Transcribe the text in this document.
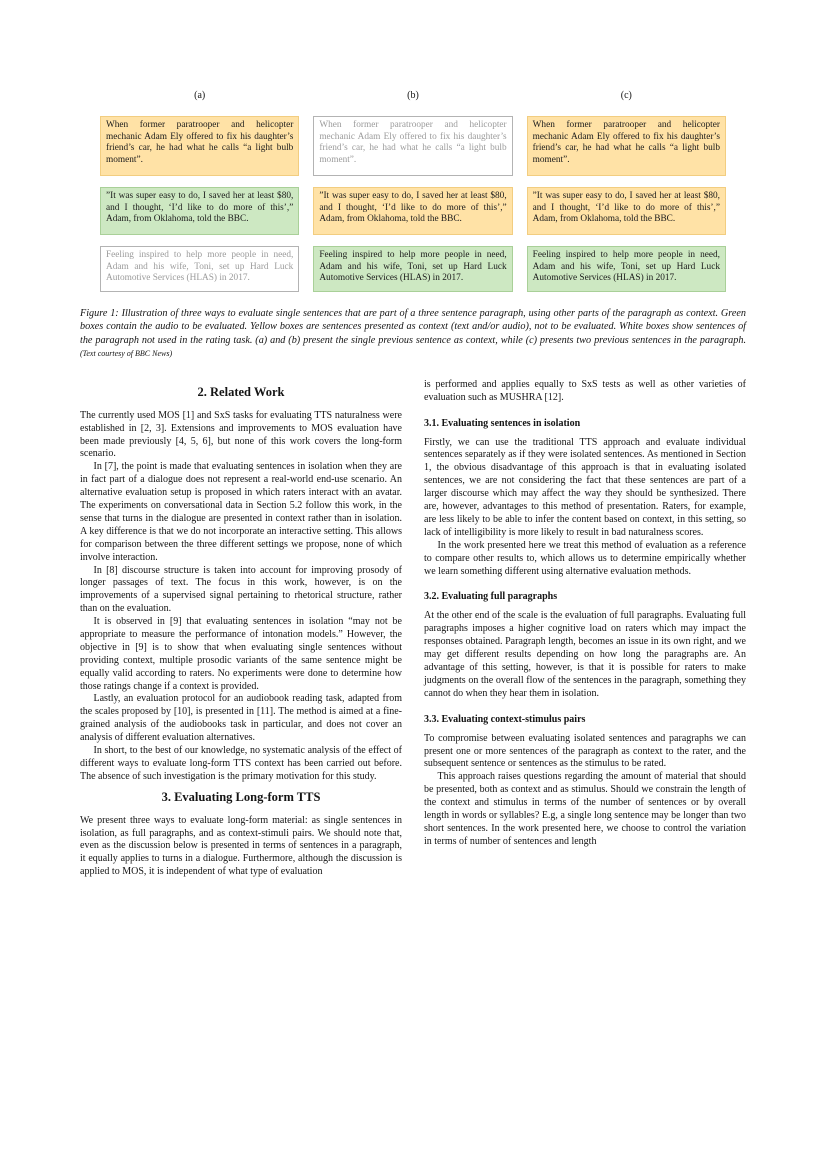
(a)
When former paratrooper and helicopter mechanic Adam Ely offered to fix his daughter’s friend’s car, he had what he calls “a light bulb moment”.
”It was super easy to do, I saved her at least $80, and I thought, ‘I’d like to do more of this’,” Adam, from Oklahoma, told the BBC.
Feeling inspired to help more people in need, Adam and his wife, Toni, set up Hard Luck Automotive Services (HLAS) in 2017.
(b)
When former paratrooper and helicopter mechanic Adam Ely offered to fix his daughter’s friend’s car, he had what he calls “a light bulb moment”.
”It was super easy to do, I saved her at least $80, and I thought, ‘I’d like to do more of this’,” Adam, from Oklahoma, told the BBC.
Feeling inspired to help more people in need, Adam and his wife, Toni, set up Hard Luck Automotive Services (HLAS) in 2017.
(c)
When former paratrooper and helicopter mechanic Adam Ely offered to fix his daughter’s friend’s car, he had what he calls “a light bulb moment”.
”It was super easy to do, I saved her at least $80, and I thought, ‘I’d like to do more of this’,” Adam, from Oklahoma, told the BBC.
Feeling inspired to help more people in need, Adam and his wife, Toni, set up Hard Luck Automotive Services (HLAS) in 2017.
Figure 1: Illustration of three ways to evaluate single sentences that are part of a three sentence paragraph, using other parts of the paragraph as context. Green boxes contain the audio to be evaluated. Yellow boxes are sentences presented as context (text and/or audio), not to be evaluated. White boxes show sentences of the paragraph not used in the rating task. (a) and (b) present the single previous sentence as context, while (c) presents two previous sentences in the paragraph. (Text courtesy of BBC News)
2. Related Work

The currently used MOS [1] and SxS tasks for evaluating TTS naturalness were established in [2, 3]. Extensions and improvements to MOS evaluation have been made previously [4, 5, 6], but none of this work covers the long-form scenario.

In [7], the point is made that evaluating sentences in isolation when they are in fact part of a dialogue does not represent a real-world end-use scenario. An alternative evaluation setup is proposed in which raters interact with an avatar. The experiments on conversational data in Section 5.2 follow this work, in the sense that turns in the dialogue are presented in context rather than in isolation. A key difference is that we do not incorporate an interactive setting. This allows for comparison between the three different settings we propose, none of which involve interaction.

In [8] discourse structure is taken into account for improving prosody of longer passages of text. The focus in this work, however, is on the improvements of a supervised signal pertaining to rhetorical structure, rather than on the evaluation.

It is observed in [9] that evaluating sentences in isolation “may not be appropriate to measure the performance of intonation models.” However, the objective in [9] is to show that when evaluating single sentences without providing context, multiple prosodic variants of the same sentence might be equally valid according to raters. No experiments were done to determine how those ratings change if a context is provided.

Lastly, an evaluation protocol for an audiobook reading task, adapted from the scales proposed by [10], is presented in [11]. The method is aimed at a fine-grained analysis of the audiobooks task in particular, and does not cover an analysis of different evaluation alternatives.

In short, to the best of our knowledge, no systematic analysis of the effect of different ways to evaluate long-form TTS context has been carried out before. The absence of such investigation is the primary motivation for this study.

3. Evaluating Long-form TTS

We present three ways to evaluate long-form material: as single sentences in isolation, as full paragraphs, and as context-stimuli pairs. We should note that, even as the discussion below is presented in terms of sentences in a paragraph, it equally applies to turns in a dialogue. Furthermore, although the discussion is applied to MOS, it is independent of what type of evaluation

is performed and applies equally to SxS tests as well as other varieties of evaluation such as MUSHRA [12].

3.1. Evaluating sentences in isolation

Firstly, we can use the traditional TTS approach and evaluate individual sentences separately as if they were isolated sentences. As mentioned in Section 1, the obvious disadvantage of this approach is that in evaluating isolated sentences, we are not considering the fact that these sentences are part of a larger discourse which may affect the way they should be synthesized. There are, however, advantages to this method of presentation. Raters, for example, are less likely to be able to infer the content based on context, in this setting, so lack of intelligibility is more likely to result in bad naturalness scores.

In the work presented here we treat this method of evaluation as a reference to compare other results to, which allows us to determine empirically whether we learn something different using alternative evaluation methods.

3.2. Evaluating full paragraphs

At the other end of the scale is the evaluation of full paragraphs. Evaluating full paragraphs imposes a higher cognitive load on raters which may impact the responses obtained. Paragraph length, becomes an issue in its own right, and we may get different results depending on how long the paragraphs are. An advantage of this setting, however, is that it is possible for raters to make judgments on the overall flow of the sentences in the paragraph, something they cannot do when they hear them in isolation.

3.3. Evaluating context-stimulus pairs

To compromise between evaluating isolated sentences and paragraphs we can present one or more sentences of the paragraph as context to the rater, and the subsequent sentence or sentences as the stimulus to be rated.

This approach raises questions regarding the amount of material that should be presented, both as context and as stimulus. Should we constrain the length of the context and stimulus in terms of the number of sentences or by overall length in words or syllables? E.g, a single long sentence may be longer than two short sentences. In the work presented here, we choose to control the variation in terms of number of sentences and length
